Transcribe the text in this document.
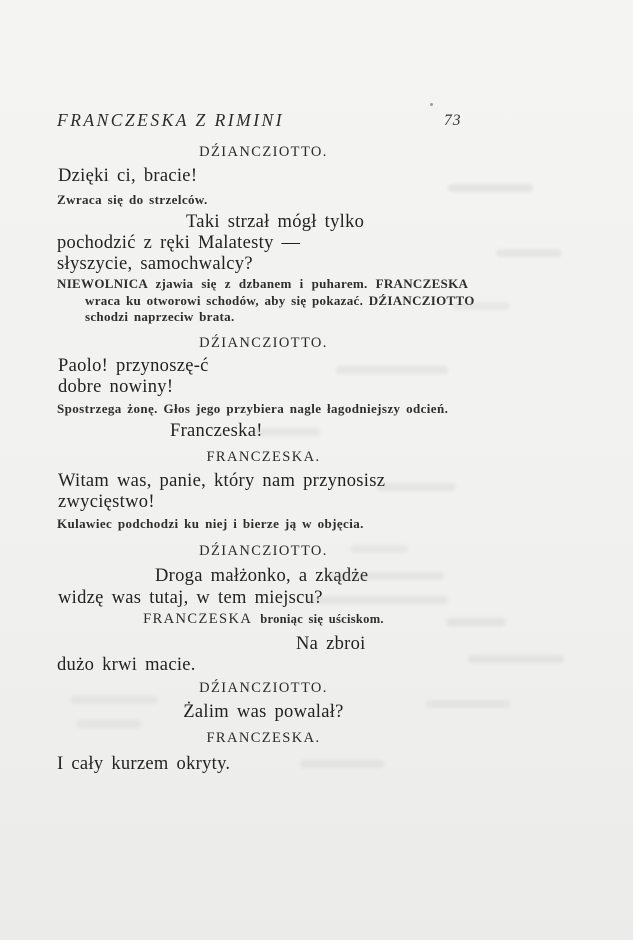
FRANCZESKA Z RIMINI	73
DŹIANCZIOTTO.
Dzięki ci, bracie!
Zwraca się do strzelców.
Taki strzał mógł tylko
pochodzić z ręki Malatesty —
słyszycie, samochwalcy?
NIEWOLNICA zjawia się z dzbanem i puharem. FRANCZESKA
wraca ku otworowi schodów, aby się pokazać. DŹIANCZIOTTO
schodzi naprzeciw brata.
DŹIANCZIOTTO.
Paolo! przynoszę-ć
dobre nowiny!
Spostrzega żonę. Głos jego przybiera nagle łagodniejszy odcień.
Franczeska!
FRANCZESKA.
Witam was, panie, który nam przynosisz
zwycięstwo!
Kulawiec podchodzi ku niej i bierze ją w objęcia.
DŹIANCZIOTTO.
Droga małżonko, a zkądże
widzę was tutaj, w tem miejscu?
FRANCZESKA broniąc się uściskom.
Na zbroi
dużo krwi macie.
DŹIANCZIOTTO.
Żalim was powalał?
FRANCZESKA.
I cały kurzem okryty.
